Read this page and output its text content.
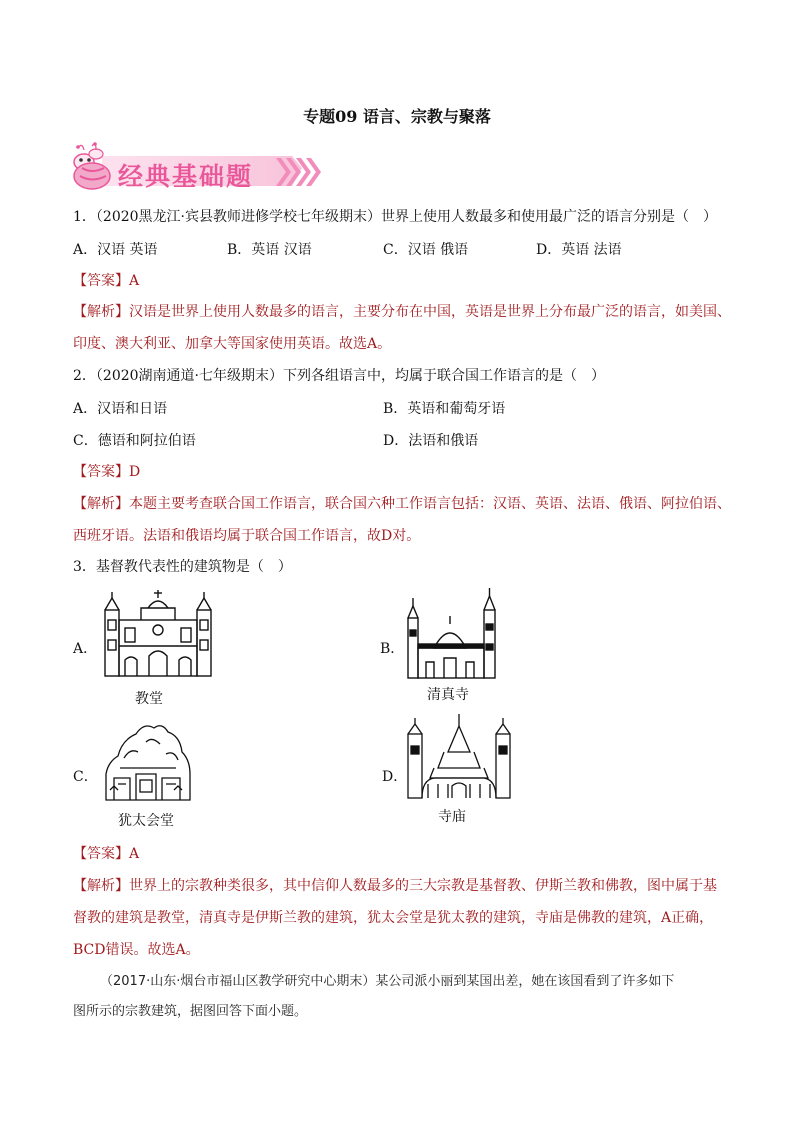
专题09 语言、宗教与聚落
经典基础题
1．（2020黑龙江·宾县教师进修学校七年级期末）世界上使用人数最多和使用最广泛的语言分别是（　）
A．汉语 英语	B．英语 汉语	C．汉语 俄语	D．英语 法语
【答案】A
【解析】汉语是世界上使用人数最多的语言，主要分布在中国，英语是世界上分布最广泛的语言，如美国、
印度、澳大利亚、加拿大等国家使用英语。故选A。
2．（2020湖南通道·七年级期末）下列各组语言中，均属于联合国工作语言的是（　）
A．汉语和日语	B．英语和葡萄牙语
C．德语和阿拉伯语	D．法语和俄语
【答案】D
【解析】本题主要考查联合国工作语言，联合国六种工作语言包括：汉语、英语、法语、俄语、阿拉伯语、
西班牙语。法语和俄语均属于联合国工作语言，故D对。
3．基督教代表性的建筑物是（　）
A．
教堂
B．
清真寺
C．
犹太会堂
D．
寺庙
【答案】A
【解析】世界上的宗教种类很多，其中信仰人数最多的三大宗教是基督教、伊斯兰教和佛教，图中属于基
督教的建筑是教堂，清真寺是伊斯兰教的建筑，犹太会堂是犹太教的建筑，寺庙是佛教的建筑，A正确，
BCD错误。故选A。
（2017·山东·烟台市福山区教学研究中心期末）某公司派小丽到某国出差，她在该国看到了许多如下
图所示的宗教建筑，据图回答下面小题。
